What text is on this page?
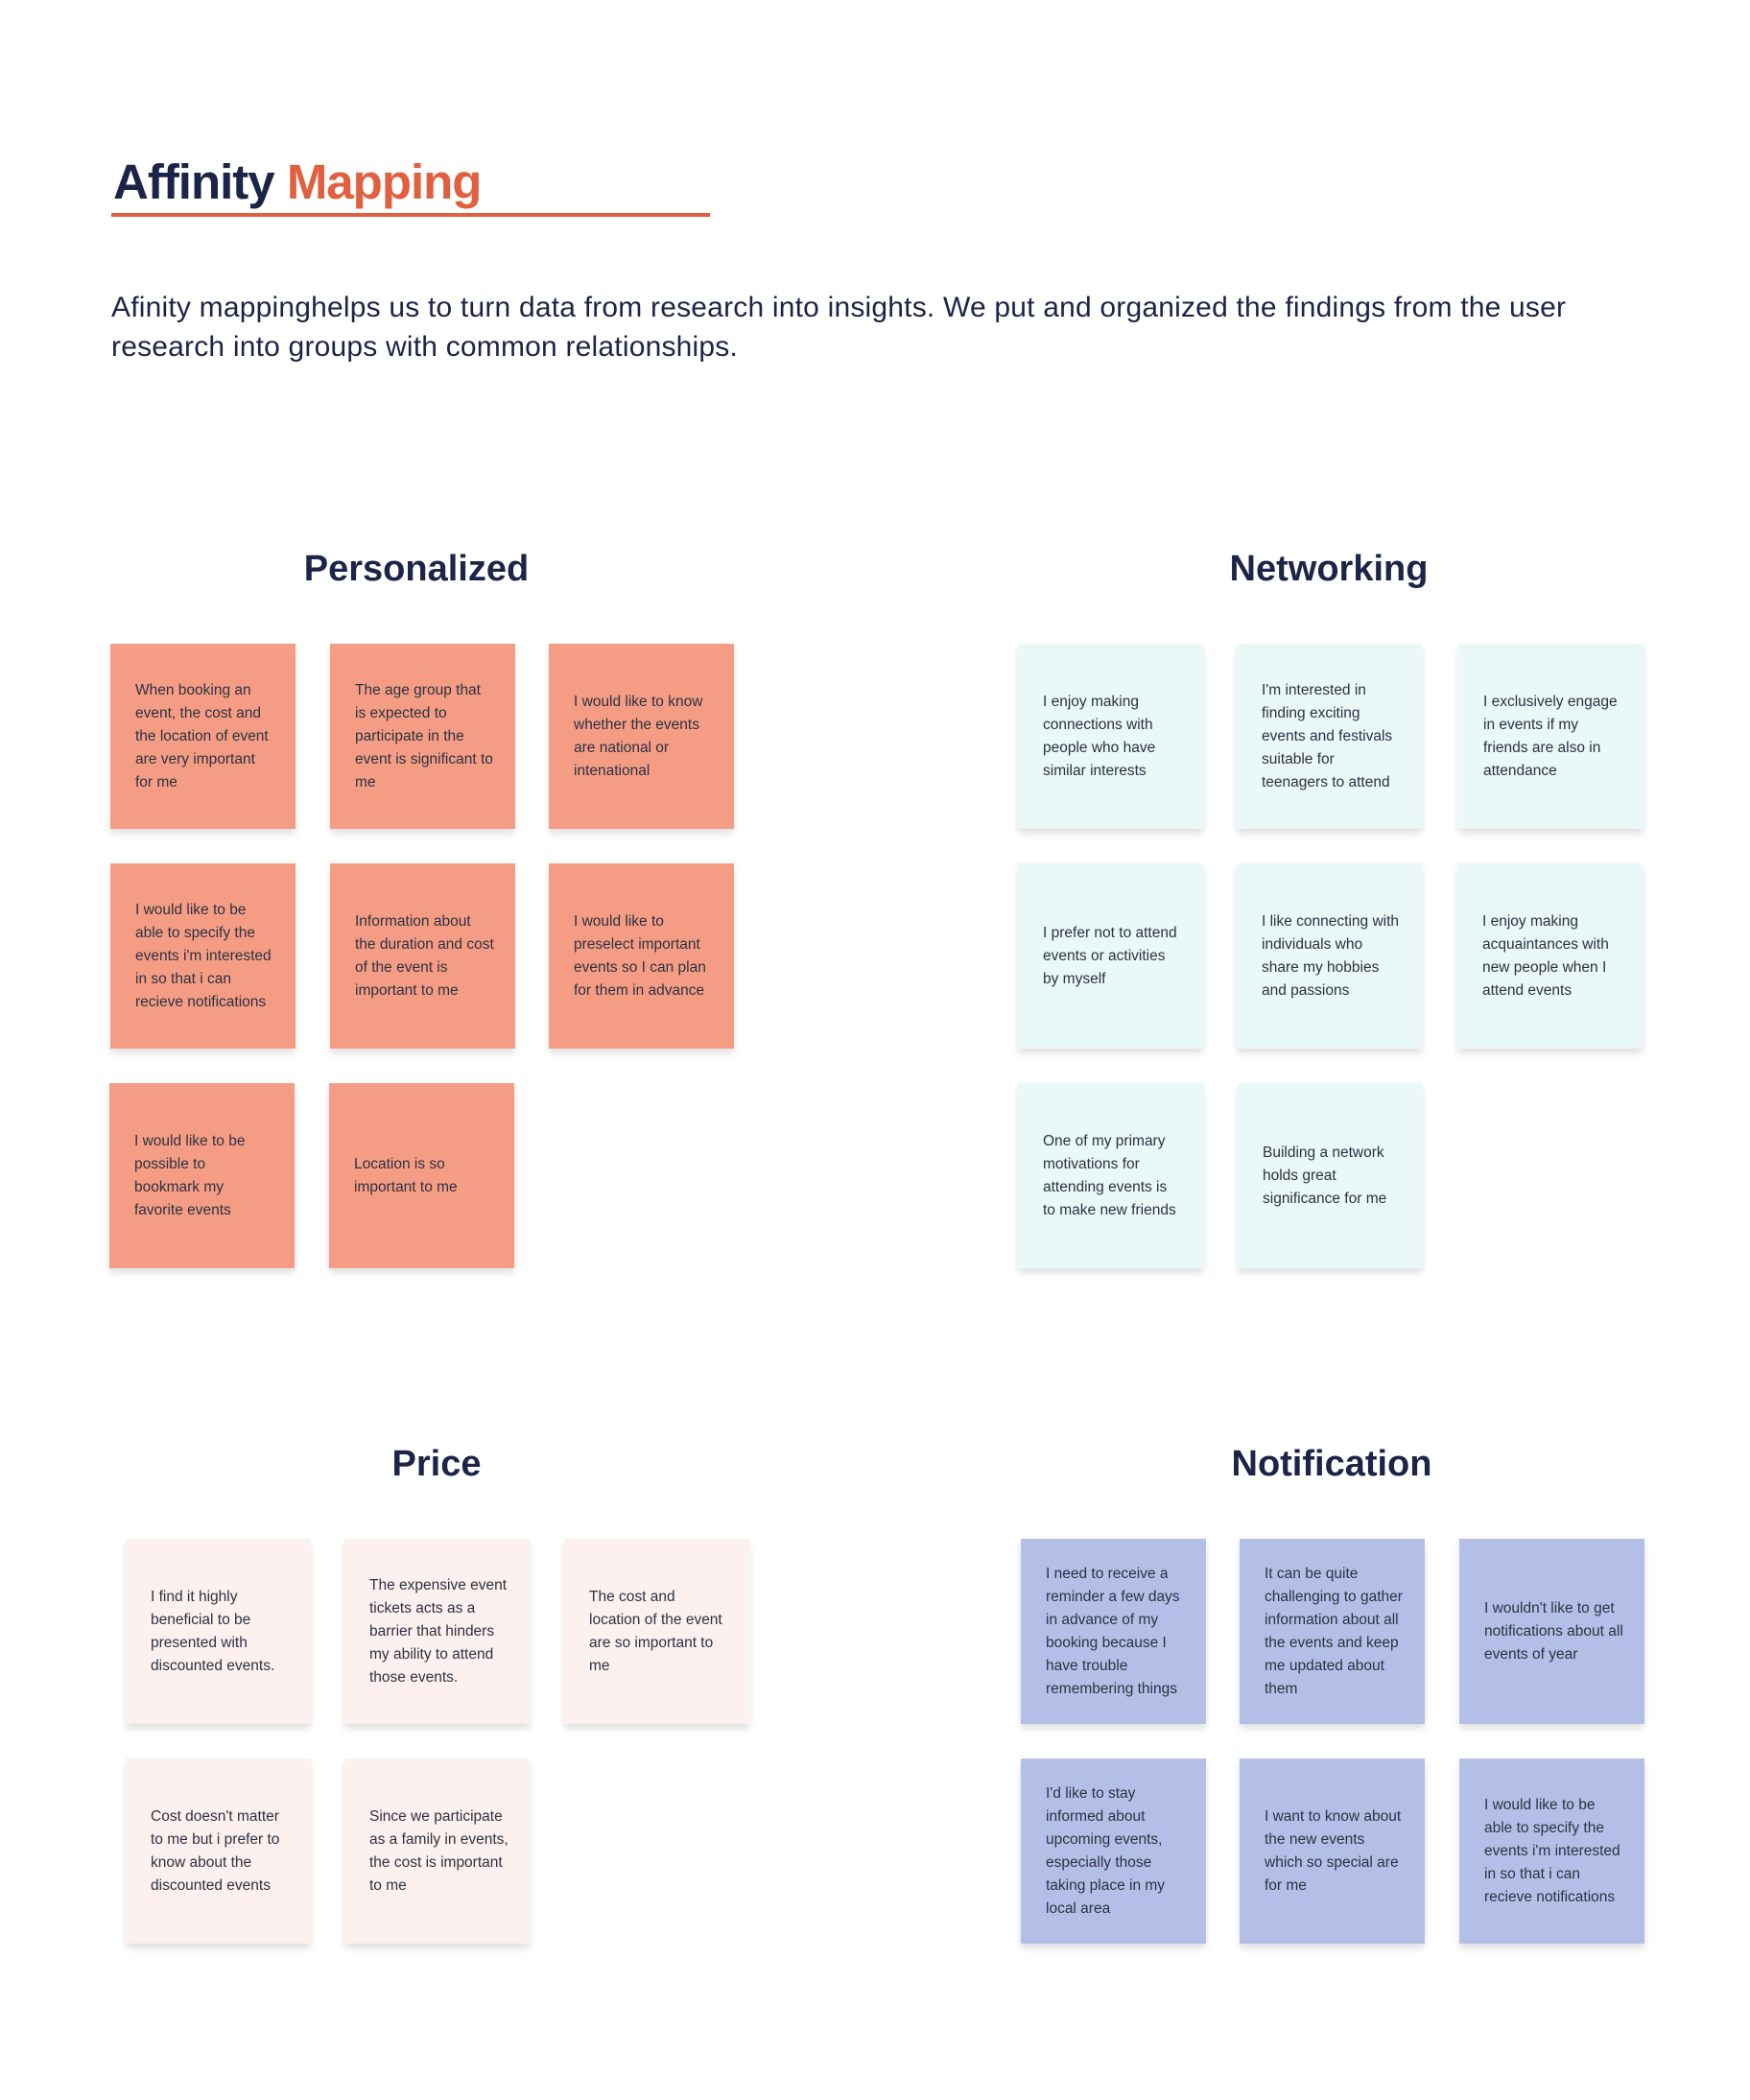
Affinity Mapping

Afinity mappinghelps us to turn data from research into insights. We put and organized the findings from the user research into groups with common relationships.

Personalized
When booking an event, the cost and the location of event are very important for me
The age group that is expected to participate in the event is significant to me
I would like to know whether the events are national or intenational
I would like to be able to specify the events i'm interested in so that i can recieve notifications
Information about the duration and cost of the event is important to me
I would like to preselect important events so I can plan for them in advance
I would like to be possible to bookmark my favorite events
Location is so important to me
Networking
I enjoy making connections with people who have similar interests
I'm interested in finding exciting events and festivals suitable for teenagers to attend
I exclusively engage in events if my friends are also in attendance
I prefer not to attend events or activities by myself
I like connecting with individuals who share my hobbies and passions
I enjoy making acquaintances with new people when I attend events
One of my primary motivations for attending events is to make new friends
Building a network holds great significance for me
Price
I find it highly beneficial to be presented with discounted events.
The expensive event tickets acts as a barrier that hinders my ability to attend those events.
The cost and location of the event are so important to me
Cost doesn't matter to me but i prefer to know about the discounted events
Since we participate as a family in events, the cost is important to me
Notification
I need to receive a reminder a few days in advance of my booking because I have trouble remembering things
It can be quite challenging to gather information about all the events and keep me updated about them
I wouldn't like to get notifications about all events of year
I'd like to stay informed about upcoming events, especially those taking place in my local area
I want to know about the new events which so special are for me
I would like to be able to specify the events i'm interested in so that i can recieve notifications
